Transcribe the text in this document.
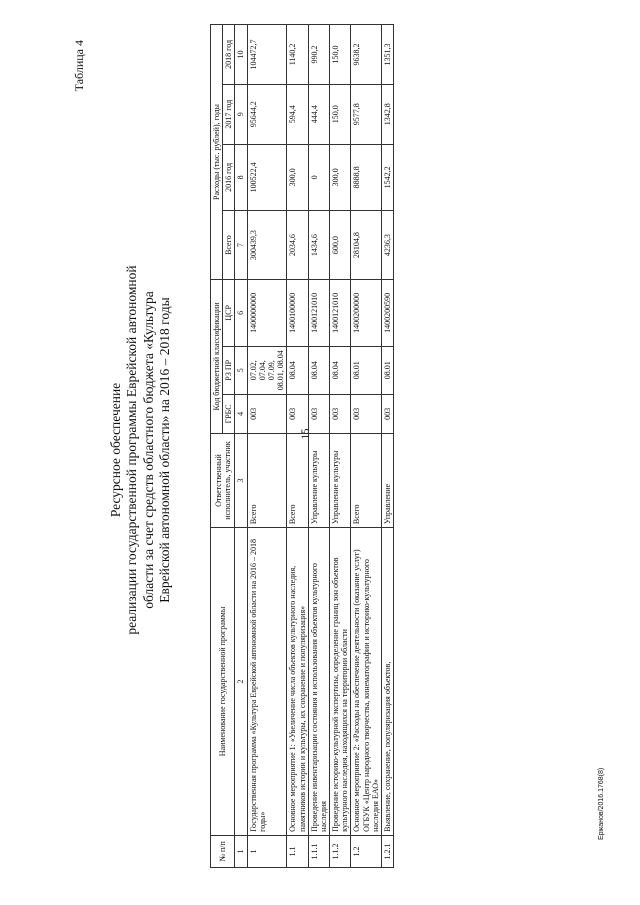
15
Ержанов/2016.1768(8)
Таблица 4
Ресурсное обеспечение реализации государственной программы Еврейской автономной области за счет средств областного бюджета «Культура Еврейской автономной области» на 2016 – 2018 годы
№ п/п	Наименование государственной программы	Ответственный исполнитель, участник	Код бюджетной классификации			Расходы (тыс. рублей), годы			
			ГРБС	РЗ ПР	ЦСР	Всего	2016 год	2017 год	2018 год
1	2	3	4	5	6	7	8	9	10
1	Государственная программа «Культура Еврейской автономной области на 2016 – 2018 годы»	Всего	003	07.02, 07.04, 07.09, 08.01, 08.04	1400000000	300439,3	100522,4	95644,2	104472,7
1.1	Основное мероприятие 1: «Увеличение числа объектов культурного наследия, памятников истории и культуры, их сохранение и популяризация»	Всего	003	08.04	1400100000	2034,6	300,0	594,4	1140,2
1.1.1	Проведение инвентаризации состояния и использования объектов культурного наследия	Управление культуры	003	08.04	1400121010	1434,6	0	444,4	990,2
1.1.2	Проведение историко-культурной экспертизы, определение границ зон объектов культурного наследия, находящихся на территории области	Управление культуры	003	08.04	1400121010	600,0	300,0	150,0	150,0
1.2	Основное мероприятие 2: «Расходы на обеспечение деятельности (оказание услуг) ОГБУК «Центр народного творчества, кинематографии и историко-культурного наследия ЕАО»	Всего	003	08.01	1400200000	28104,8	8888,8	9577,8	9638,2
1.2.1	Выявление, сохранение, популяризация объектов,	Управление	003	08.01	1400200590	4236,3	1542,2	1342,8	1351,3
